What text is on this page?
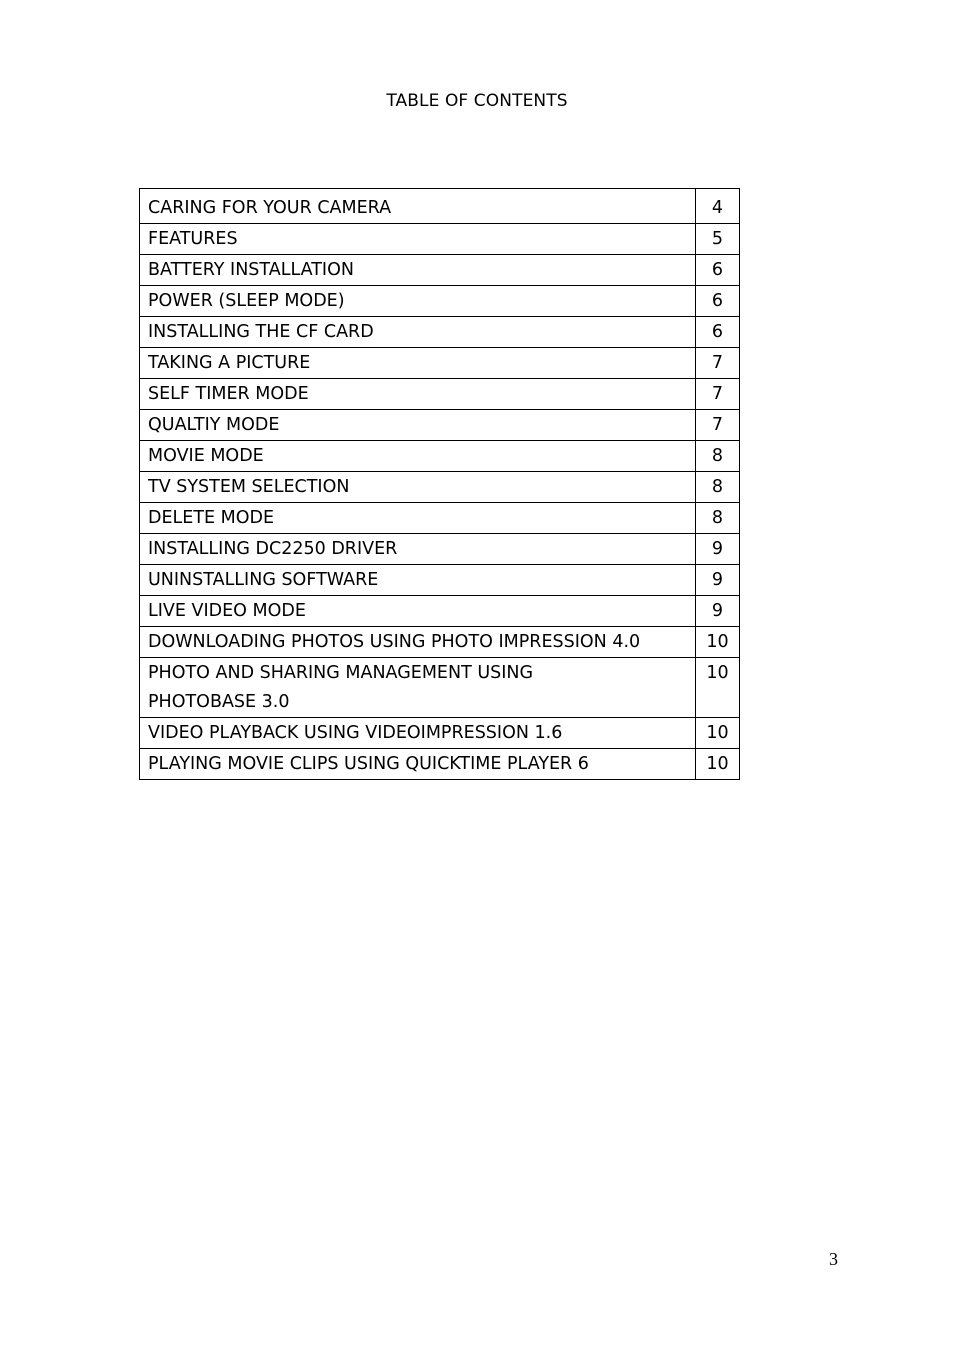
TABLE OF CONTENTS
CARING FOR YOUR CAMERA	4
FEATURES	5
BATTERY INSTALLATION	6
POWER (SLEEP MODE)	6
INSTALLING THE CF CARD	6
TAKING A PICTURE	7
SELF TIMER MODE	7
QUALTIY MODE	7
MOVIE MODE	8
TV SYSTEM SELECTION	8
DELETE MODE	8
INSTALLING DC2250 DRIVER	9
UNINSTALLING SOFTWARE	9
LIVE VIDEO MODE	9
DOWNLOADING PHOTOS USING PHOTO IMPRESSION 4.0	10
PHOTO AND SHARING MANAGEMENT USING
PHOTOBASE 3.0	10
VIDEO PLAYBACK USING VIDEOIMPRESSION 1.6	10
PLAYING MOVIE CLIPS USING QUICKTIME PLAYER 6	10
3
